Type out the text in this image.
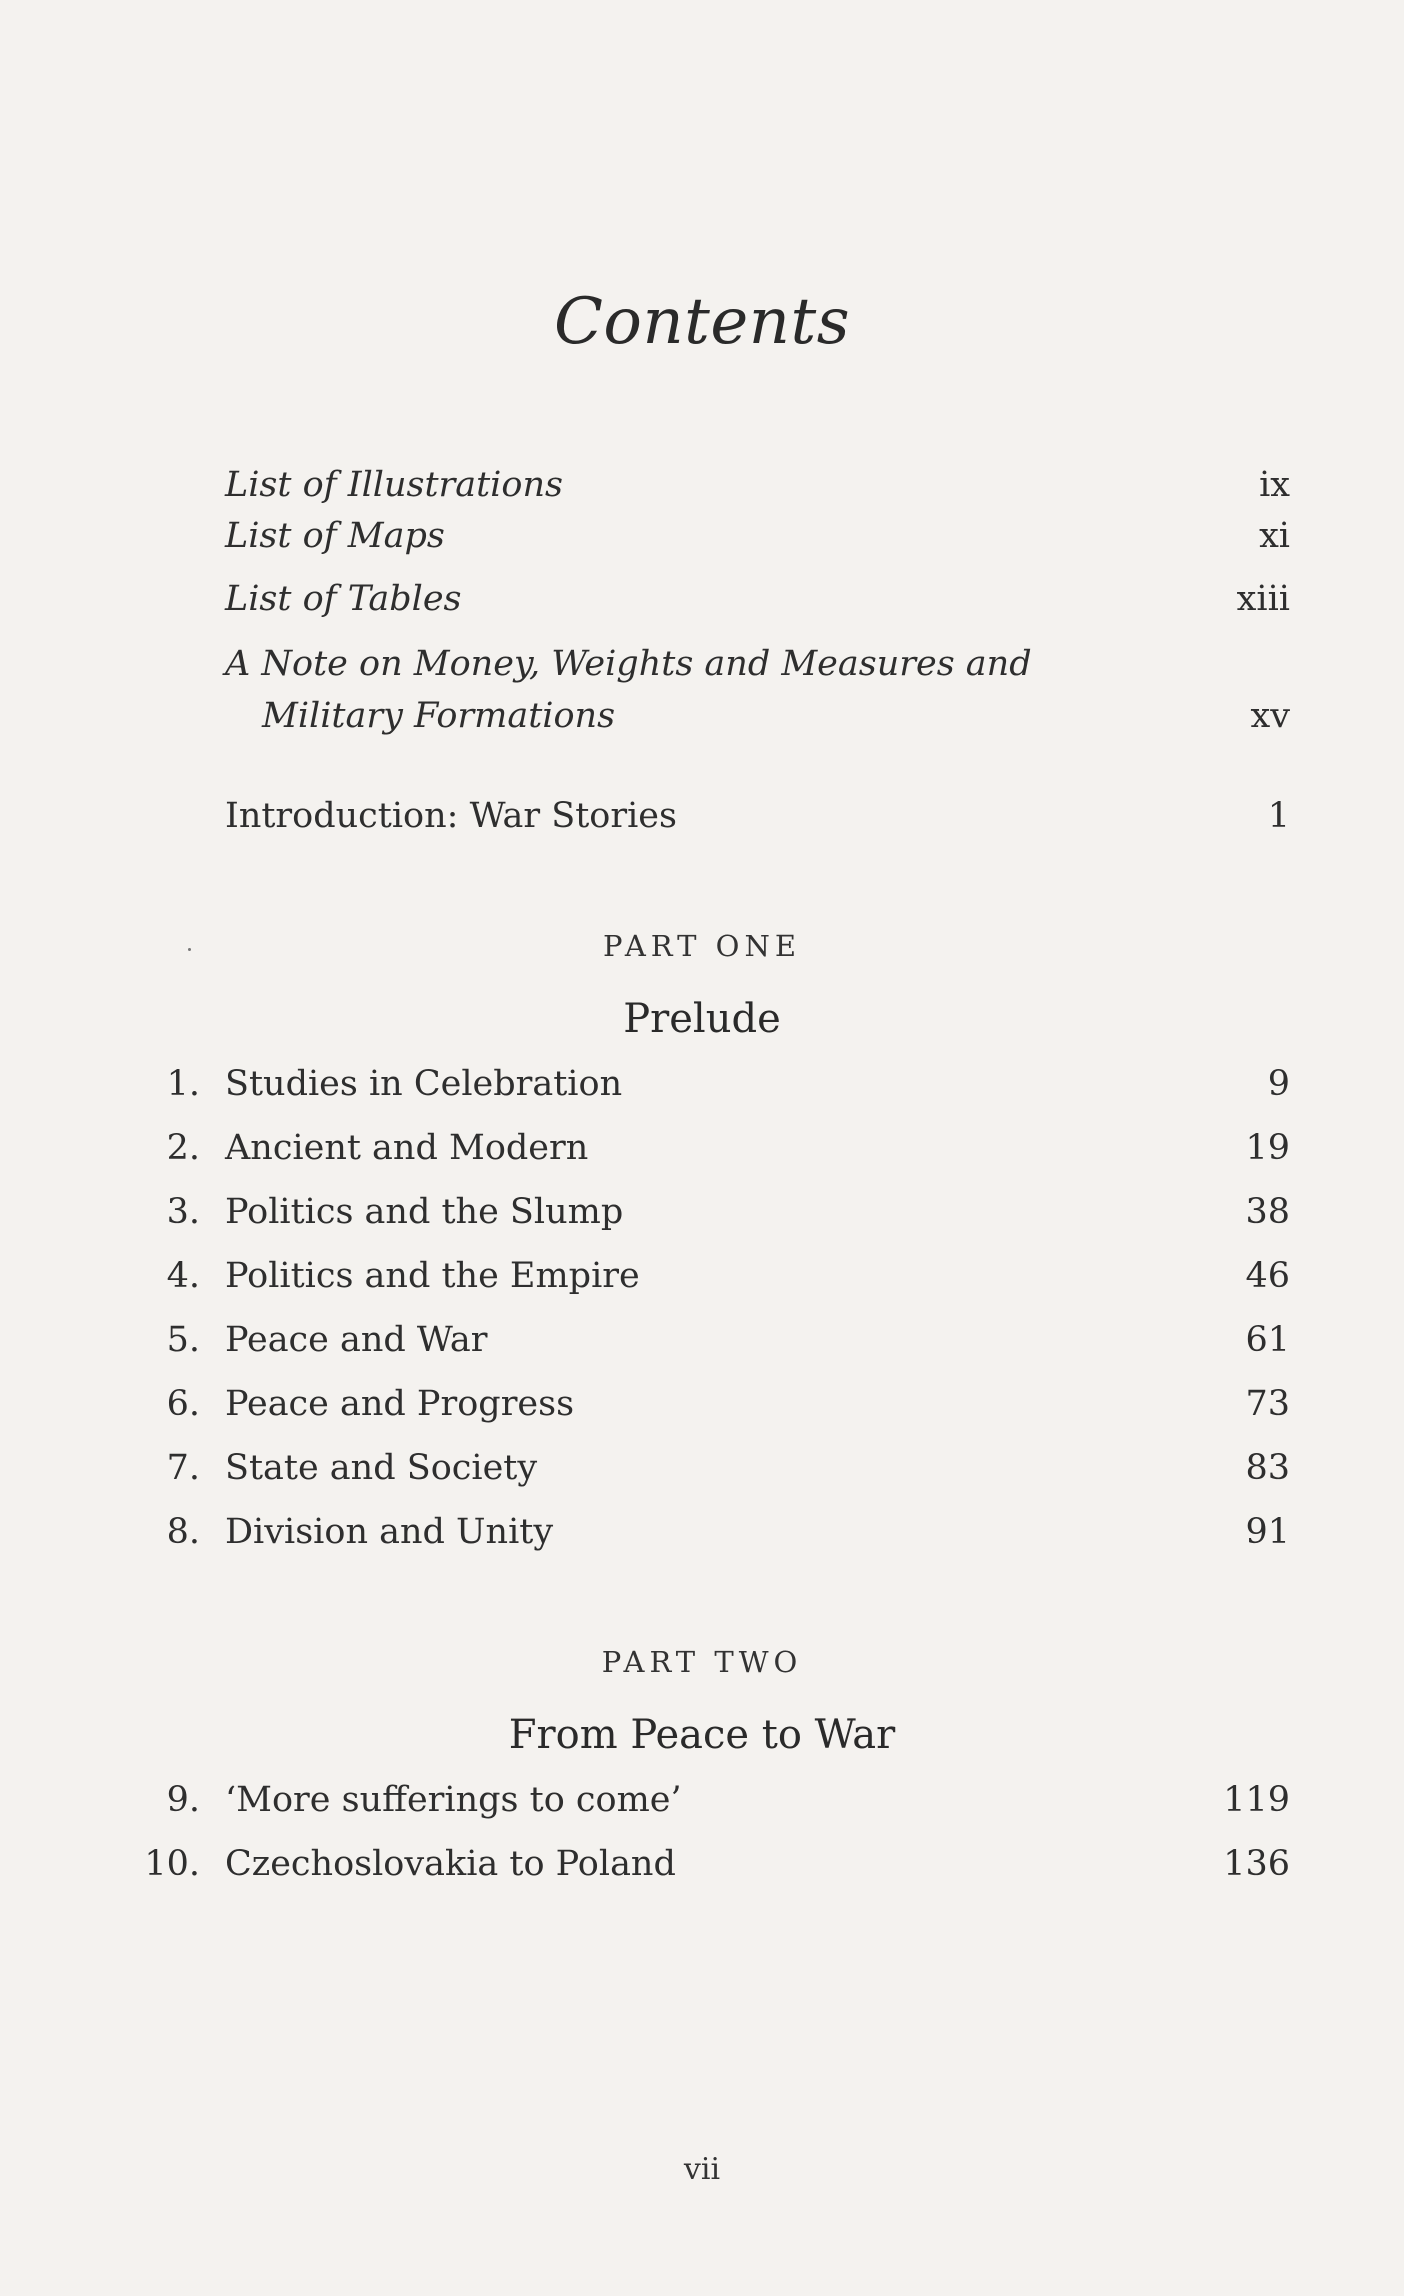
Contents
List of Illustrations	ix
List of Maps	xi
List of Tables	xiii
A Note on Money, Weights and Measures and
Military Formations	xv
Introduction: War Stories	1
PART ONE
Prelude
1. Studies in Celebration	9
2. Ancient and Modern	19
3. Politics and the Slump	38
4. Politics and the Empire	46
5. Peace and War	61
6. Peace and Progress	73
7. State and Society	83
8. Division and Unity	91
PART TWO
From Peace to War
9. ‘More sufferings to come’	119
10. Czechoslovakia to Poland	136
vii
